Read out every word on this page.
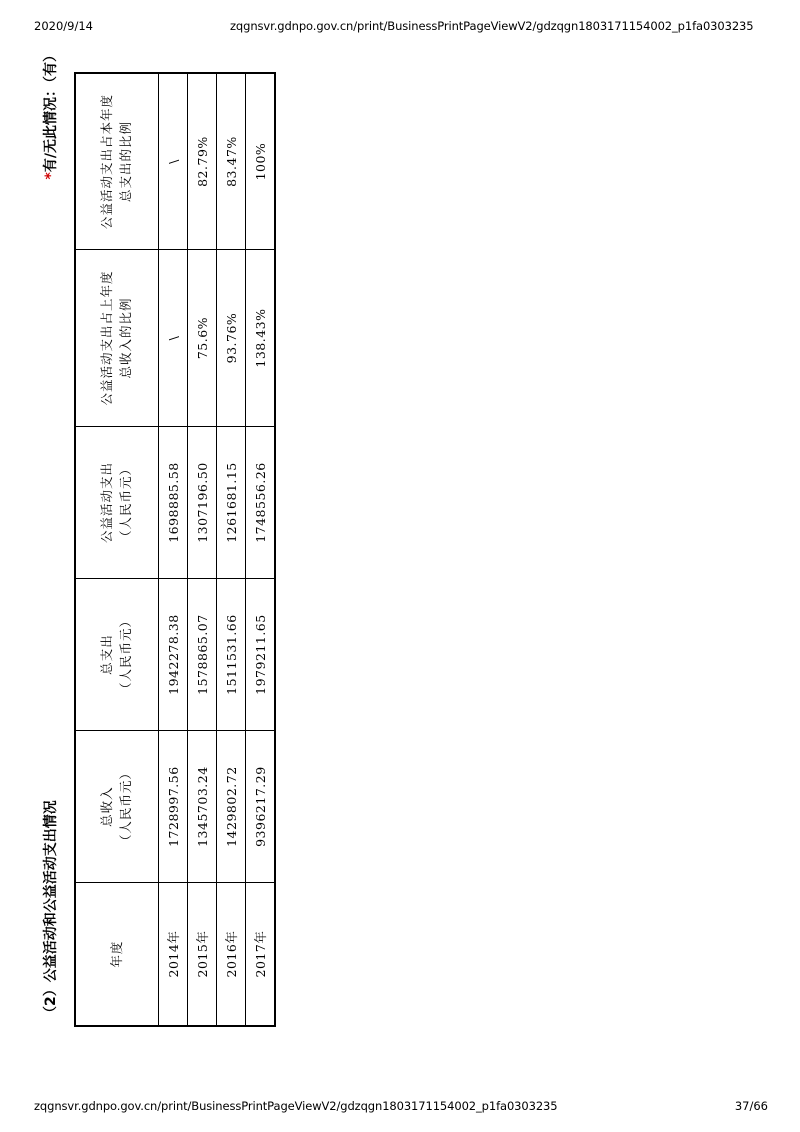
2020/9/14	zqgnsvr.gdnpo.gov.cn/print/BusinessPrintPageViewV2/gdzqgn1803171154002_p1fa0303235
（2）公益活动和公益活动支出情况
*有/无此情况：（有）
年度	总收入 （人民币元）	总支出 （人民币元）	公益活动支出 （人民币元）	公益活动支出占上年度 总收入的比例	公益活动支出占本年度 总支出的比例

2014年	1728997.56	1942278.38	1698885.58	\	\
2015年	1345703.24	1578865.07	1307196.50	75.6%	82.79%
2016年	1429802.72	1511531.66	1261681.15	93.76%	83.47%
2017年	9396217.29	1979211.65	1748556.26	138.43%	100%
zqgnsvr.gdnpo.gov.cn/print/BusinessPrintPageViewV2/gdzqgn1803171154002_p1fa0303235	37/66
